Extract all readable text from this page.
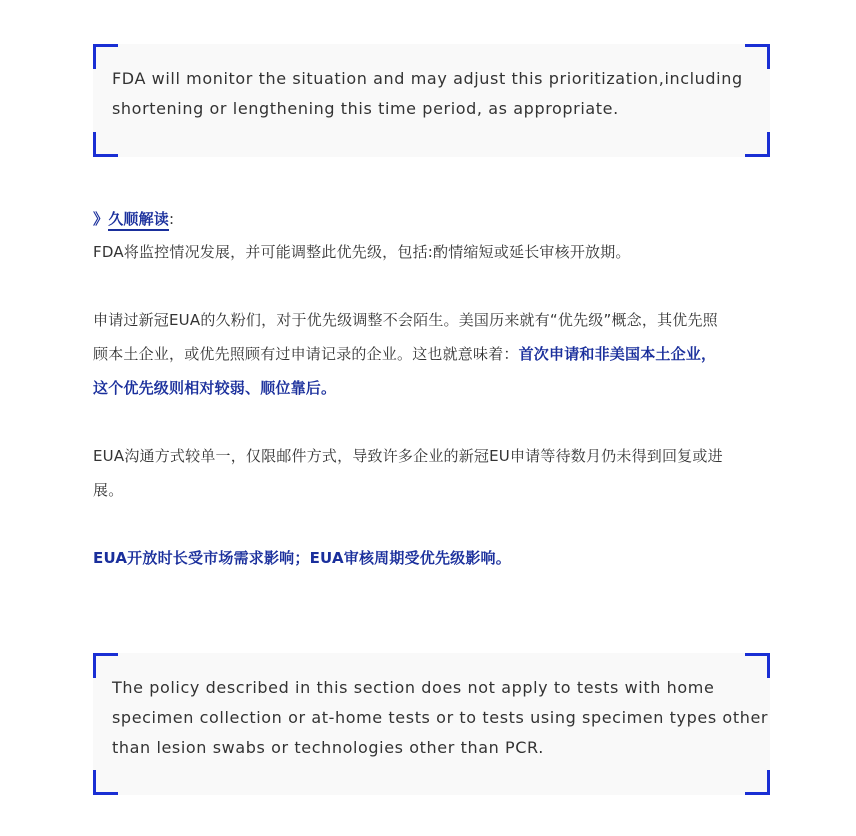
FDA will monitor the situation and may adjust this prioritization,including
shortening or lengthening this time period, as appropriate.
》久顺解读:
FDA将监控情况发展，并可能调整此优先级，包括:酌情缩短或延长审核开放期。
申请过新冠EUA的久粉们，对于优先级调整不会陌生。美国历来就有“优先级”概念，其优先照
顾本土企业，或优先照顾有过申请记录的企业。这也就意味着：首次申请和非美国本土企业，
这个优先级则相对较弱、顺位靠后。
EUA沟通方式较单一，仅限邮件方式，导致许多企业的新冠EU申请等待数月仍未得到回复或进
展。
EUA开放时长受市场需求影响；EUA审核周期受优先级影响。
The policy described in this section does not apply to tests with home
specimen collection or at-home tests or to tests using specimen types other
than lesion swabs or technologies other than PCR.
